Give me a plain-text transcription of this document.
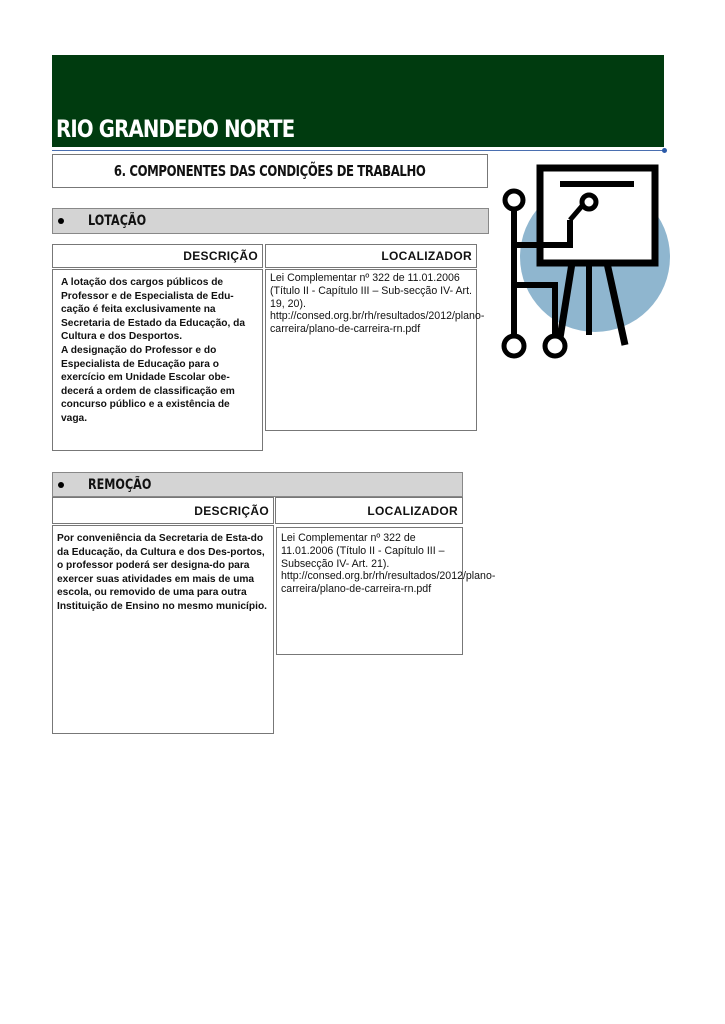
RIO GRANDEDO NORTE
6. COMPONENTES DAS CONDIÇÕES DE TRABALHO
LOTAÇÃO
DESCRIÇÃO	LOCALIZADOR

A lotação dos cargos públicos de Professor e de Especialista de Edu-cação é feita exclusivamente na Secretaria de Estado da Educação, da Cultura e dos Desportos.

A designação do Professor e do Especialista de Educação para o exercício em Unidade Escolar obe-decerá a ordem de classificação em concurso público e a existência de vaga.

Lei Complementar nº 322 de 11.01.2006 (Título II - Capítulo III – Sub-secção IV- Art. 19, 20). http://consed.org.br/rh/resultados/2012/plano-carreira/plano-de-carreira-rn.pdf
REMOÇÃO
DESCRIÇÃO	LOCALIZADOR
Por conveniência da Secretaria de Esta-do da Educação, da Cultura e dos Des-portos, o professor poderá ser designa-do para exercer suas atividades em mais de uma escola, ou removido de uma para outra Instituição de Ensino no mesmo município.
Lei Complementar nº 322 de 11.01.2006 (Título II - Capítulo III – Subsecção IV- Art. 21). http://consed.org.br/rh/resultados/2012/plano-carreira/plano-de-carreira-rn.pdf
